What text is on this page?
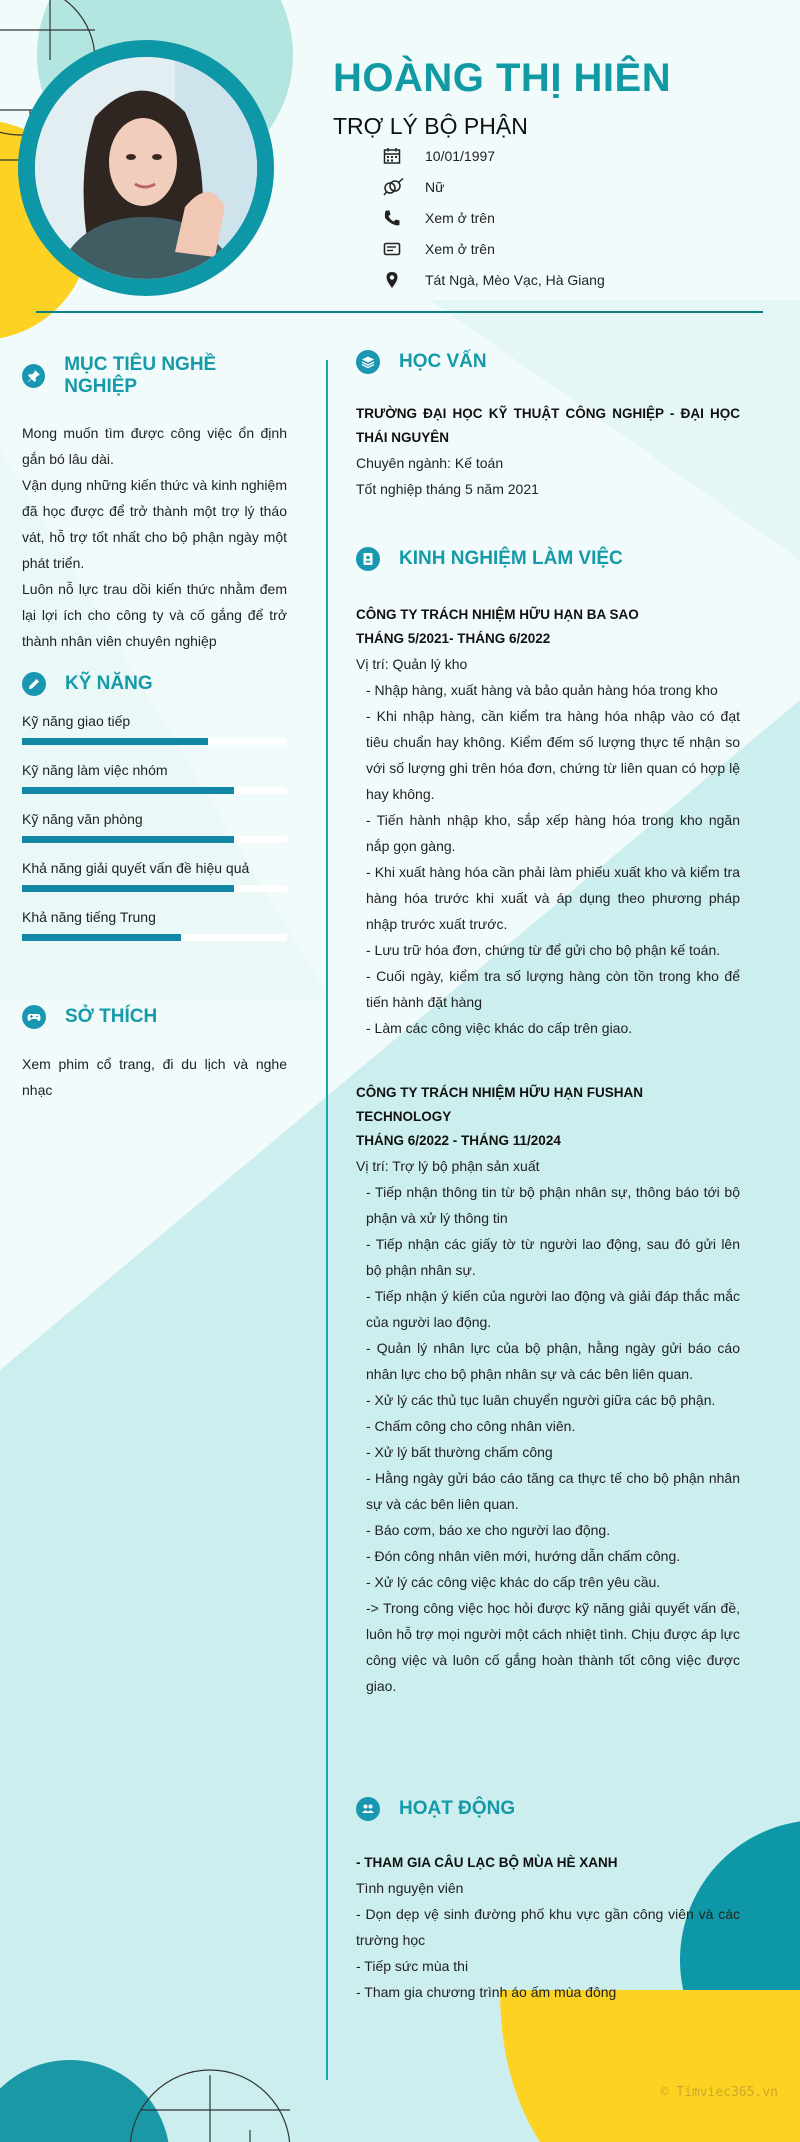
HOÀNG THỊ HIÊN
TRỢ LÝ BỘ PHẬN
10/01/1997
Nữ
Xem ở trên
Xem ở trên
Tát Ngà, Mèo Vạc, Hà Giang
MỤC TIÊU NGHỀ NGHIỆP

Mong muốn tìm được công việc ổn định gắn bó lâu dài.

Vận dụng những kiến thức và kinh nghiệm đã học được để trở thành một trợ lý tháo vát, hỗ trợ tốt nhất cho bộ phận ngày một phát triển.

Luôn nỗ lực trau dồi kiến thức nhằm đem lại lợi ích cho công ty và cố gắng để trở thành nhân viên chuyên nghiệp

KỸ NĂNG
Kỹ năng giao tiếp
Kỹ năng làm việc nhóm
Kỹ năng văn phòng
Khả năng giải quyết vấn đề hiệu quả
Khả năng tiếng Trung
SỞ THÍCH

Xem phim cổ trang, đi du lịch và nghe nhạc

HỌC VẤN
TRƯỜNG ĐẠI HỌC KỸ THUẬT CÔNG NGHIỆP - ĐẠI HỌC THÁI NGUYÊN
Chuyên ngành: Kế toán
Tốt nghiệp tháng 5 năm 2021
KINH NGHIỆM LÀM VIỆC
CÔNG TY TRÁCH NHIỆM HỮU HẠN BA SAO
THÁNG 5/2021- THÁNG 6/2022
Vị trí: Quản lý kho
- Nhập hàng, xuất hàng và bảo quản hàng hóa trong kho
- Khi nhập hàng, cần kiểm tra hàng hóa nhập vào có đạt tiêu chuẩn hay không. Kiểm đếm số lượng thực tế nhận so với số lượng ghi trên hóa đơn, chứng từ liên quan có hợp lệ hay không.
- Tiến hành nhập kho, sắp xếp hàng hóa trong kho ngăn nắp gọn gàng.
- Khi xuất hàng hóa cần phải làm phiếu xuất kho và kiểm tra hàng hóa trước khi xuất và áp dụng theo phương pháp nhập trước xuất trước.
- Lưu trữ hóa đơn, chứng từ để gửi cho bộ phận kế toán.
- Cuối ngày, kiểm tra số lượng hàng còn tồn trong kho để tiến hành đặt hàng
- Làm các công việc khác do cấp trên giao.
CÔNG TY TRÁCH NHIỆM HỮU HẠN FUSHAN TECHNOLOGY
THÁNG 6/2022 - THÁNG 11/2024
Vị trí: Trợ lý bộ phận sản xuất
- Tiếp nhận thông tin từ bộ phận nhân sự, thông báo tới bộ phận và xử lý thông tin
- Tiếp nhận các giấy tờ từ người lao động, sau đó gửi lên bộ phận nhân sự.
- Tiếp nhận ý kiến của người lao động và giải đáp thắc mắc của người lao động.
- Quản lý nhân lực của bộ phận, hằng ngày gửi báo cáo nhân lực cho bộ phận nhân sự và các bên liên quan.
- Xử lý các thủ tục luân chuyển người giữa các bộ phận.
- Chấm công cho công nhân viên.
- Xử lý bất thường chấm công
- Hằng ngày gửi báo cáo tăng ca thực tế cho bộ phận nhân sự và các bên liên quan.
- Báo cơm, báo xe cho người lao động.
- Đón công nhân viên mới, hướng dẫn chấm công.
- Xử lý các công việc khác do cấp trên yêu cầu.
-> Trong công việc học hỏi được kỹ năng giải quyết vấn đề, luôn hỗ trợ mọi người một cách nhiệt tình. Chịu được áp lực công việc và luôn cố gắng hoàn thành tốt công việc được giao.
HOẠT ĐỘNG
- THAM GIA CÂU LẠC BỘ MÙA HÈ XANH
Tình nguyện viên
- Dọn dẹp vệ sinh đường phố khu vực gần công viên và các trường học
- Tiếp sức mùa thi
- Tham gia chương trình áo ấm mùa đông
© Timviec365.vn
